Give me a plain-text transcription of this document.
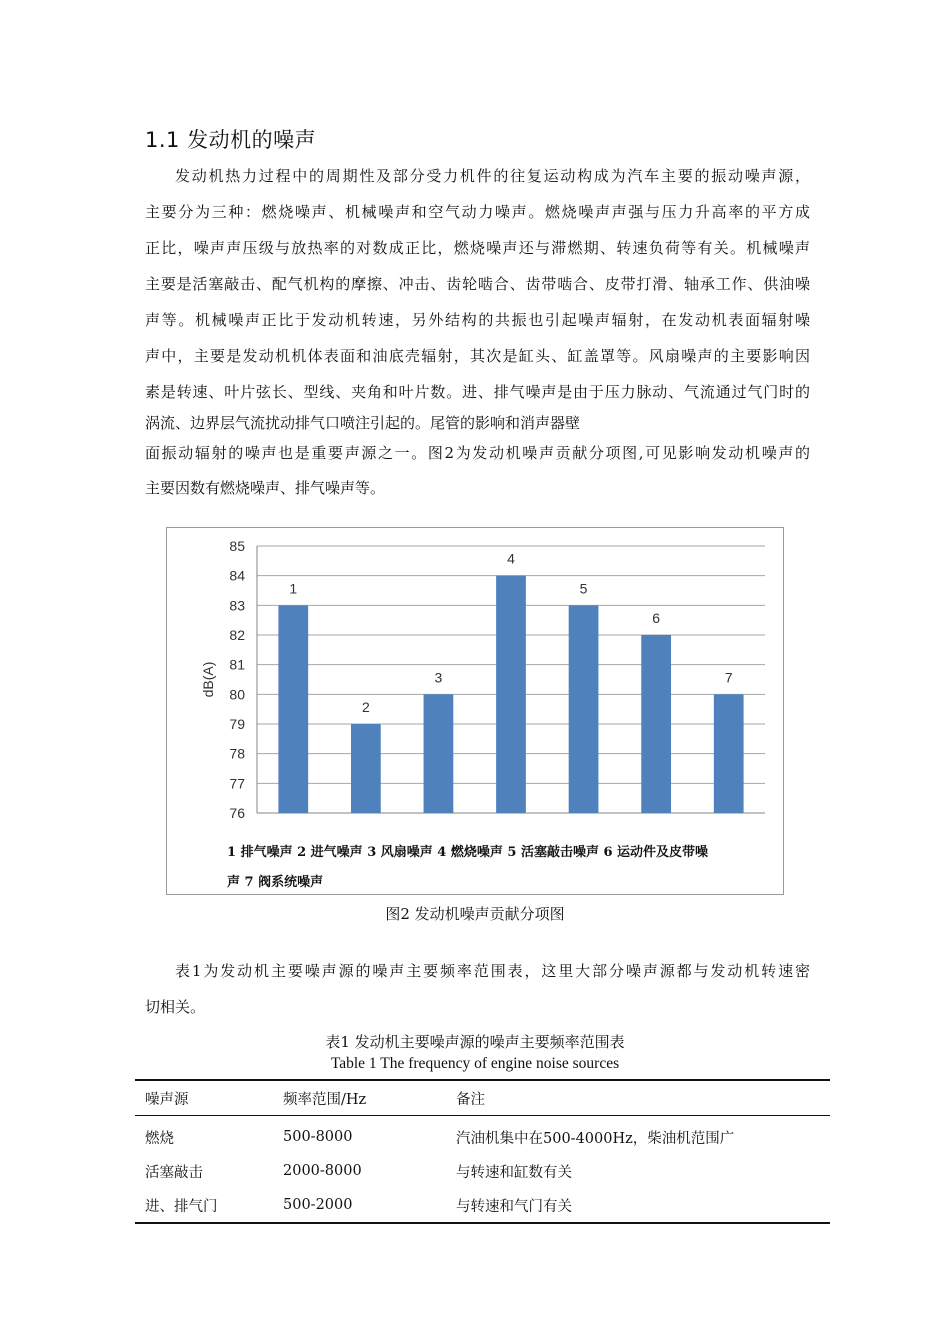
1.1 发动机的噪声
发动机热力过程中的周期性及部分受力机件的往复运动构成为汽车主要的振动噪声源，
主要分为三种：燃烧噪声、机械噪声和空气动力噪声。燃烧噪声声强与压力升高率的平方成
正比，噪声声压级与放热率的对数成正比，燃烧噪声还与滞燃期、转速负荷等有关。机械噪声
主要是活塞敲击、配气机构的摩擦、冲击、齿轮啮合、齿带啮合、皮带打滑、轴承工作、供油噪
声等。机械噪声正比于发动机转速，另外结构的共振也引起噪声辐射，在发动机表面辐射噪
声中，主要是发动机机体表面和油底壳辐射，其次是缸头、缸盖罩等。风扇噪声的主要影响因
素是转速、叶片弦长、型线、夹角和叶片数。进、排气噪声是由于压力脉动、气流通过气门时的
涡流、边界层气流扰动排气口喷注引起的。尾管的影响和消声器壁
面振动辐射的噪声也是重要声源之一。图2为发动机噪声贡献分项图,可见影响发动机噪声的
主要因数有燃烧噪声、排气噪声等。
76
77
78
79
80
81
82
83
84
85
dB(A)
1
2
3
4
5
6
7
1 排气噪声 2 进气噪声 3 风扇噪声 4 燃烧噪声 5 活塞敲击噪声 6 运动件及皮带噪
声 7 阀系统噪声
图2 发动机噪声贡献分项图
表1为发动机主要噪声源的噪声主要频率范围表，这里大部分噪声源都与发动机转速密
切相关。
表1 发动机主要噪声源的噪声主要频率范围表
Table 1 The frequency of engine noise sources
噪声源	频率范围/Hz	备注
燃烧	500-8000	汽油机集中在500-4000Hz，柴油机范围广
活塞敲击	2000-8000	与转速和缸数有关
进、排气门	500-2000	与转速和气门有关
